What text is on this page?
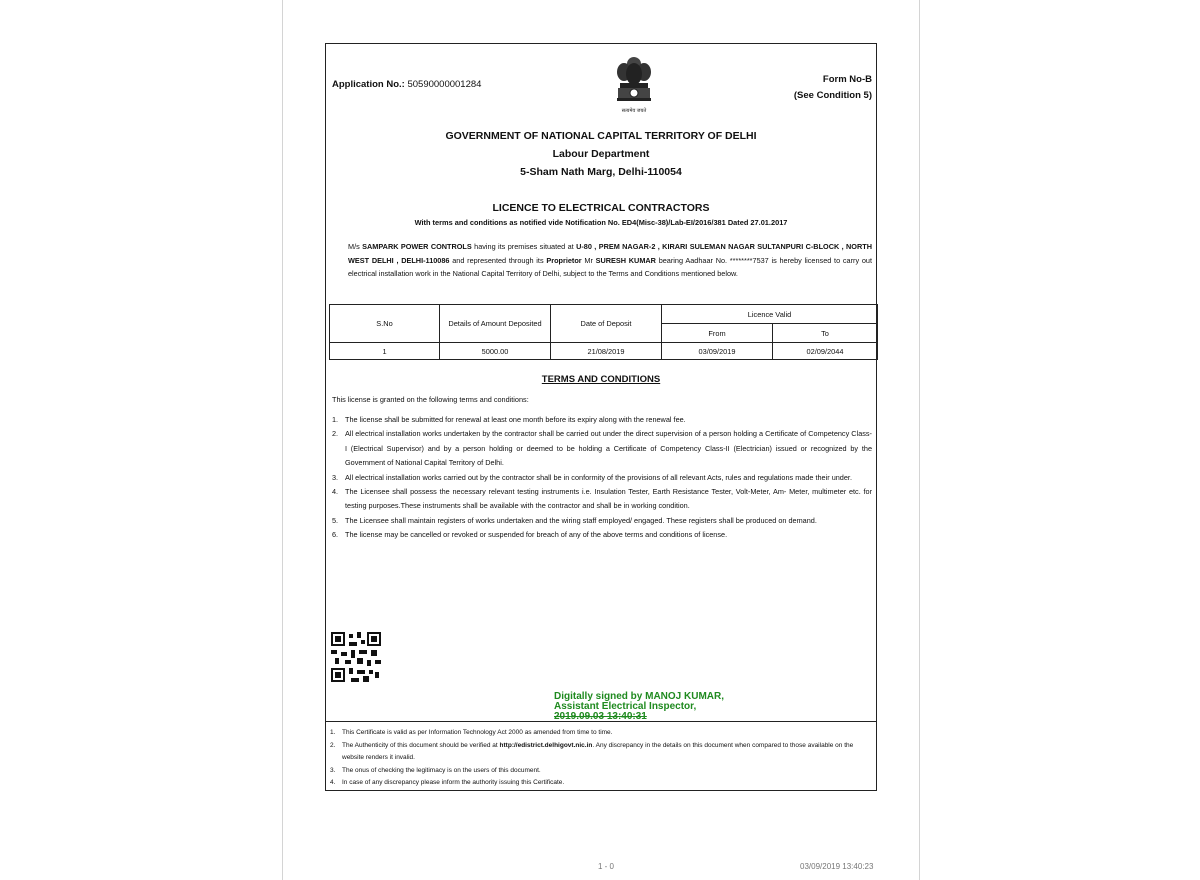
Application No.: 50590000001284
सत्यमेव जयते
Form No-B
(See Condition 5)
GOVERNMENT OF NATIONAL CAPITAL TERRITORY OF DELHI
Labour Department
5-Sham Nath Marg, Delhi-110054
LICENCE TO ELECTRICAL CONTRACTORS
With terms and conditions as notified vide Notification No. ED4(Misc-38)/Lab-EI/2016/381 Dated 27.01.2017
M/s SAMPARK POWER CONTROLS having its premises situated at U-80 , PREM NAGAR-2 , KIRARI SULEMAN NAGAR SULTANPURI C-BLOCK , NORTH WEST DELHI , DELHI-110086 and represented through its Proprietor Mr SURESH KUMAR bearing Aadhaar No. ********7537 is hereby licensed to carry out electrical installation work in the National Capital Territory of Delhi, subject to the Terms and Conditions mentioned below.
S.No	Details of Amount Deposited	Date of Deposit	Licence Valid	
			From	To
1	5000.00	21/08/2019	03/09/2019	02/09/2044
TERMS AND CONDITIONS
This license is granted on the following terms and conditions:
1. The license shall be submitted for renewal at least one month before its expiry along with the renewal fee.
2. All electrical installation works undertaken by the contractor shall be carried out under the direct supervision of a person holding a Certificate of Competency Class-I (Electrical Supervisor) and by a person holding or deemed to be holding a Certificate of Competency Class-II (Electrician) issued or recognized by the Government of National Capital Territory of Delhi.
3. All electrical installation works carried out by the contractor shall be in conformity of the provisions of all relevant Acts, rules and regulations made their under.
4. The Licensee shall possess the necessary relevant testing instruments i.e. Insulation Tester, Earth Resistance Tester, Volt-Meter, Am- Meter, multimeter etc. for testing purposes.These instruments shall be available with the contractor and shall be in working condition.
5. The Licensee shall maintain registers of works undertaken and the wiring staff employed/ engaged. These registers shall be produced on demand.
6. The license may be cancelled or revoked or suspended for breach of any of the above terms and conditions of license.
Digitally signed by MANOJ KUMAR,
Assistant Electrical Inspector,
2019.09.03 13:40:31
1.	This Certificate is valid as per Information Technology Act 2000 as amended from time to time.
2.	The Authenticity of this document should be verified at http://edistrict.delhigovt.nic.in. Any discrepancy in the details on this document when compared to those available on the website renders it invalid.
3.	The onus of checking the legitimacy is on the users of this document.
4.	In case of any discrepancy please inform the authority issuing this Certificate.
1 - 0	03/09/2019 13:40:23
